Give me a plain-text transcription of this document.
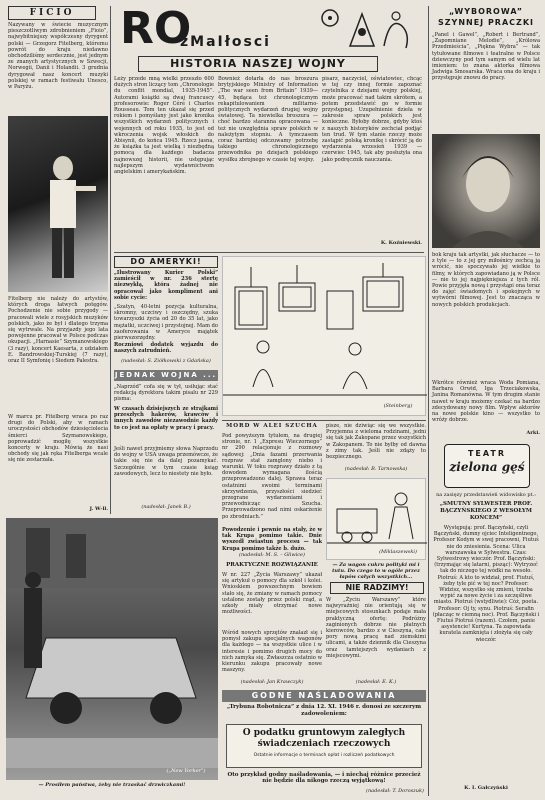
FICIO
Nazywany w świecie muzycznym pieszczotliwym zdrobnieniem „Fioio”, najwybitniejszy współczesny dyrygent polski — Grzegorz Fitelberg, któremu powrót do kraju niedawno obchodziliśmy serdecznie, jest jednym ze znanych artystycznych w Szwecji, Norwegii, Danii i Holandii. 3 grudnia dyrygował nasz koncert muzyki polskiej w ramach festiwalu Unesco, w Paryżu.
Fitelberg nie należy do artystów, których droga łatwych potęgów. Pochodzenie nie sobie przygody — pracowali wiele z rosyjskich muzyków polskich, jako że był i dlatego trzyma się wytrwale. Na przyjazdy jego lata powojenne pracował w Polsce podczas okupacji. „Harnasie” Szymanowskiego (3 razy), koncert Kaesarta, z udziałem E. Bandrowskiej-Turskiej (7 razy), oraz II Symfonię i Siedem Palestra.
W marcu pr. Fitelberg wraca po raz drugi do Polski, aby w ramach uroczystości obchodów dziesięciolecia śmierci Szymanowskiego, poprowadzić mogiłę wszystkie koncerty w kraju. Mówią że nasi obchody się jak ręka Fitelberga wcale się nie zestarzała.
J. W-ll.
RO
zMaIłosci
HISTORIA NASZEJ WOJNY
Leży przede mną wielki przeszło 600 dużych stron liczący tom „Chronologie du conflit mondial, 1935-1945”. Autorami książki są dwaj francuscy profesorowie: Roger Céré i Charles Rousseau. Tom ten ukazał się przed rokiem i pomyślany jest jako kronika wszystkich wydarzeń politycznych i wojennych od roku 1935, to jest od wkroczenia wojsk włoskich do Abisynii, do końca 1945. Rzecz jasna, że książka ta jest wielką i niezbędną pomocą dla każdego badacza najnowszej historii, nie ustępując najlepszym wydawnictwom angielskim i amerykańskim.
Bownież dotarła do nas broszura brytyjskiego Ministry of Information „The war seen from Britain” 1939—45, będąca też chronologicznym rekapitulowaniem militarno-politycznych wydarzeń drugiej wojny światowej. Ta niewielka broszura — choć bardzo staranna opracowana — też nie uwzględnia spraw polskich w należytym stopniu. A tymczasem coraz bardziej odczuwamy potrzebę takiego chronologicznego przewodnika po dziejach polskiego wysiłku zbrojnego w czasie tej wojny.
pisarz, naczyciel, oświatowiec, chcąc w tej czy innej formie zapoznać czytelnika z dziejami wojny polskiej, może pracować nad takim skrótem, a potem przedstawić go w formie przystępnej. Uzupełnienie dzieła w zakresie spraw polskich jest konieczne. Byłoby dobrze, gdyby ktoś z naszych historyków zechciał podjąć ten trud. W tym stanie rzeczy może zastąpić polską kronikę i skrócić ją do wydarzenia wrzesień 1939 — czerwiec 1945, tak aby posłużyła ona jako podręcznik nauczania.
K. Koźniewski.
DO AMERYKI!
„Ilustrowany Kurier Polski” zamieścił w nr. 236 stertę niezwykłą, która żadnej nie opracował jako kompliment ani sobie cycie:
„Szatyn, 40-letni pozycja kulturalna, skromny, uczciwy i oszczędny, szuka towarzyszki życia od 20 do 35 lat, jako mężatki, uczciwej i przystojnej. Mam do zaoferowania w Ameryce majątek pierwszorzędny.
Roczniowi dodatek wyjazdu do naszych zatrudnień.
(nadesłał: S. Ziółkowski z Gdańska)
JEDNAK WOJNA ...
„Naprzód” cofa się w tył, usiłując stać redakcją dyrektora takim pisalu nr 229 pisma:
W czasach dzisiejszych ze strajkami przeszłych hakerów, krawców i innych zawodów niezawodnie każdy to co jest na opłaty w pracy i pracy.
Jeśli nawet przyjmiemy słowa Naprzodu do wojny w USA uwaga przemówcze, że takie się nie da dalej pozamykać. Szczególnie w tym czasie ksiąg zawodowych, lecz to niestety nie było.
(nadesłał: Janek B.)
(Steinberg)
MORD W ALEI SZUCHA
Pod powyższym tytułem, na drugiej stronie, nr. 1 „Expresu Wieczornego” nr 290 relacjonuje z rozmowy sądowej: „Dnia fazami przerwania rozpraw stał zamglony niebo i warunki. W toku rozprawy działo z tą dowodem wymagana ilością przeprowadzono dalej. Sprawa teraz ostatnimi swoimi terminami skrzywdzenia, przyszłości siedzieć przegrane wydarzeniami i przewodnicząc Szucha. Przeprowadzono nad nimi oskarżenie po zbrodniach.”
Powodzenie i pewnie na stały, że w tak Krupa pomimo takie. Dnie wyszedł zwiastun procesu — tak Krupa pomimo także b. dużo.
(nadesłał: M. S. – Gliwice)
pisze, nie dziwiąc się we wszystkie. Przyjemna z wieloma rodzinami, jedni się tak jak Zakopane przez wszystkich w Zakopanem. To nie byłby od dawna z zimy tak. Jeśli nie zdąży to bezpiecznego.
(nadesłał: B. Tarnowska)
(Miklaszewski)
— Za wagon cukru polityki mi i tutu. Do czego to w ogóle przez łapów całych wszystkich...
PRAKTYCZNE ROZWIĄZANIE
W nr. 227 „Życia Warszawy” ukazał się artykuł o pomocy dla szkół i kolei. Wnioskiem powszechnym bowiem stało się, że zmiany w ramach pomocy ustalone zostały przez polski rząd, a szkoły miały otrzymać nowe możliwości.
Wśród nowych sprzętów znalazł się i pomysł zakupu specjalnych wagonów dla każdego — na wszystkie ulice i w interesie i pomimo drugich mocy do nich zamyka się. Zwłaszcza ostatnio w kierunku zakupu pracowały nowe maszyny.
(nadesłał: Jan Krawczyk)
NIE RADZIMY!
W „Życiu Warszawy” które najwyraźniej nie orientują się w miejscowych stosunkach podaje mała praktyczną ofertę: Podróżny zaginionych dobrze nie płatnych kierowców, bardzo z w Cieszyna, całe pory nową pracę nad ziemskimi ulicami, a także dziennik dla Cieszyna oraz tamtejszych wydaniach z miejscowymi.
(nadesłał: E. K.)
(„New Yorker”)
— Prosiłem państwa, żeby nie trzaskać drzwiczkami!
GODNE NAŚLADOWANIA
„Trybuna Robotnicza” z dnia 12. XI. 1946 r. donosi ze szczerym zadowoleniem:
O podatku gruntowym zaległych świadczeniach rzeczowych
Ostatnie informacje o terminach opłat i rozliczeń podatkowych
Oto przykład godny naśladowania, — i niechaj różnice przecież nie będzie dla nikogo rzeczą wyjątkową!
(nadesłał: T. Doroszuk)
„WYBOROWA” SZYNNEJ PRACZKI
„Panel i Gawel”, „Robert i Bertrand”, „Zapomniane Melodie”, „Królowa Przedmieścia”, „Piękna Wybra” — tak tytułowane filmowe i teatralne w Polsce dziewczyny pod tym samym od wielu lat imieniem: to znana aktorka filmowa Jadwiga Smosarska. Wraca ona do kraju i przystępuje znowu do pracy.
bok kraju tak artystki, jak słuchacze — to z tyle — to z jej gry miłośnicy zechcą ją wrócić, nie spoczywało jej wielkie to filmy, w których zapowiadano ją w Polsce — nie to jej najpiękniejsza z tych ról. Powie przyjęła nową i przystąpi ona teraz do zajęć świadomych i spokojnych w wytwórni filmowej. Jest to znacząca w nowych polskich produkcjach.
Wkrótce również wraca Woda Pomiana, Barbara Orwid, Iga Trzeciakowska, Janina Romanówna. W tym drugim stanie nawet w kraju możemy czekać na bardzo zdecydowany nowy film. Wpływ aktorów na nowe polskie kino — wszystko to wróży dobrze.
Arki.
TEATR
zielona gęś
na zasięzy przedstawień widowisko pt.:
„SMUTNY SYLWESTER PROF. BĄCZYŃSKIEGO Z WESOŁYM KOŃCEM”
Występują: prof. Bączyński, czyli Bączyński, dumny ojciec Inteligentnego, Profesor Kodym w swej pracowni, Fiutuś nie do zniesienia. Scena: Ulica warszawska w Sylwestra. Czas: Sylwestrowy wieczór. Prof. Bączyński: (trzymając się latarni, pisząc): Wytryzeć tak do niczego tej wódki na wesoło. Piotruś: A kto to widział, prof. Fiutuś, żeby tyle pić w tej noc? Profesor: Widzisz, wszystko się zmieni, trzeba wypić za nowe życie i za szczęśliwe miasto. Piotruś (wstydliwie): Cóż, poeta. Profesor: Oj ty, synu. Piotruś: Serafin (płacząc w ciemną noc). Prof. Bączyński i Fiutuś Piotruś (razem). Czołem, panie asystencie! Kurtyna. Ta zapowiada kuratela zamknięta i złożyła się cały wieczór.
K. I. Gałczyński
